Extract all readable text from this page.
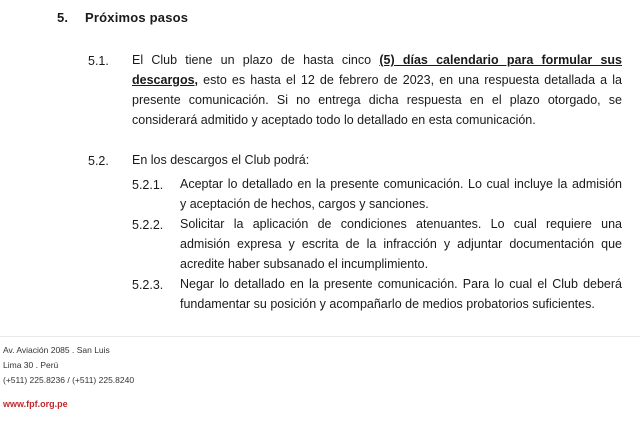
5. Próximos pasos
5.1. El Club tiene un plazo de hasta cinco (5) días calendario para formular sus
descargos, esto es hasta el 12 de febrero de 2023, en una respuesta detallada a la
presente comunicación. Si no entrega dicha respuesta en el plazo otorgado, se
considerará admitido y aceptado todo lo detallado en esta comunicación.
5.2. En los descargos el Club podrá:
5.2.1. Aceptar lo detallado en la presente comunicación. Lo cual incluye la admisión
y aceptación de hechos, cargos y sanciones.
5.2.2. Solicitar la aplicación de condiciones atenuantes. Lo cual requiere una
admisión expresa y escrita de la infracción y adjuntar documentación que
acredite haber subsanado el incumplimiento.
5.2.3. Negar lo detallado en la presente comunicación. Para lo cual el Club deberá
fundamentar su posición y acompañarlo de medios probatorios suficientes.
Av. Aviación 2085 . San Luis
Lima 30 . Perú
(+511) 225.8236 / (+511) 225.8240
www.fpf.org.pe
